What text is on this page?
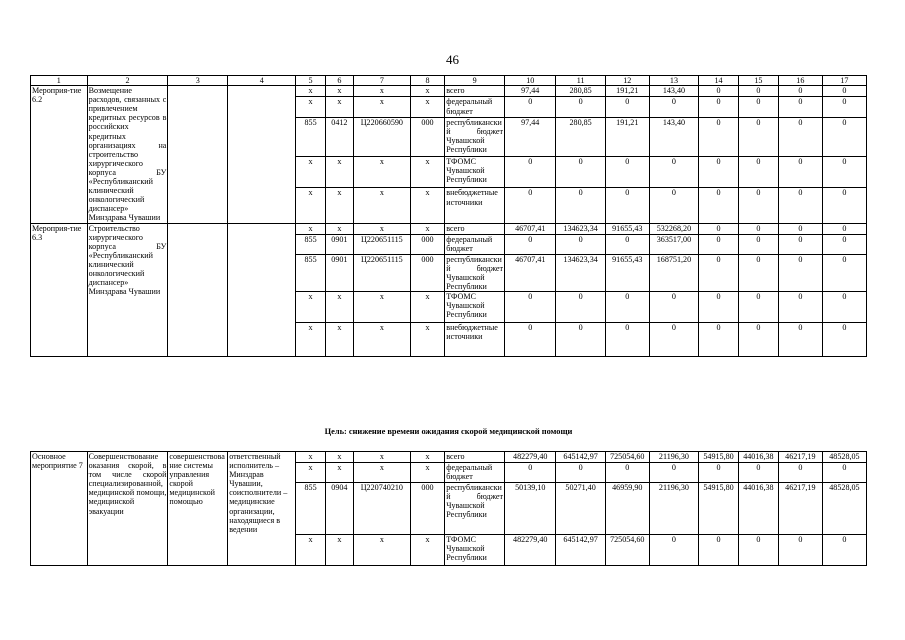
46
1	2	3	4	5	6	7	8	9	10	11	12	13	14	15	16	17
Мероприя-тие 6.2	Возмещение расходов, связанных с привлечением кредитных ресурсов в российских кредитных организациях на строительство хирургического корпуса БУ «Республиканский клинический онкологический диспансер» Минздрава Чувашии			x	x	x	x	всего	97,44	280,85	191,21	143,40	0	0	0	0
				x	x	x	x	федеральный бюджет	0	0	0	0	0	0	0	0
				855	0412	Ц220660590	000	республиканский бюджет Чувашской Республики	97,44	280,85	191,21	143,40	0	0	0	0
				x	x	x	x	ТФОМС Чувашской Республики	0	0	0	0	0	0	0	0
				x	x	x	x	внебюджетные источники	0	0	0	0	0	0	0	0
Мероприя-тие 6.3	Строительство хирургического корпуса БУ «Республиканский клинический онкологический диспансер» Минздрава Чувашии			x	x	x	x	всего	46707,41	134623,34	91655,43	532268,20	0	0	0	0
				855	0901	Ц220651115	000	федеральный бюджет	0	0	0	363517,00	0	0	0	0
				855	0901	Ц220651115	000	республиканский бюджет Чувашской Республики	46707,41	134623,34	91655,43	168751,20	0	0	0	0
				x	x	x	x	ТФОМС Чувашской Республики	0	0	0	0	0	0	0	0
				x	x	x	x	внебюджетные источники	0	0	0	0	0	0	0	0
Цель: снижение времени ожидания скорой медицинской помощи
Основное мероприятие 7	Совершенствование оказания скорой, в том числе скорой специализированной, медицинской помощи, медицинской эвакуации	совершенствование системы управления скорой медицинской помощью	ответственный исполнитель – Минздрав Чувашии, соисполнители – медицинские организации, находящиеся в ведении	x	x	x	x	всего	482279,40	645142,97	725054,60	21196,30	54915,80	44016,38	46217,19	48528,05
				x	x	x	x	федеральный бюджет	0	0	0	0	0	0	0	0
				855	0904	Ц220740210	000	республиканский бюджет Чувашской Республики	50139,10	50271,40	46959,90	21196,30	54915,80	44016,38	46217,19	48528,05
				x	x	x	x	ТФОМС Чувашской Республики	482279,40	645142,97	725054,60	0	0	0	0	0
